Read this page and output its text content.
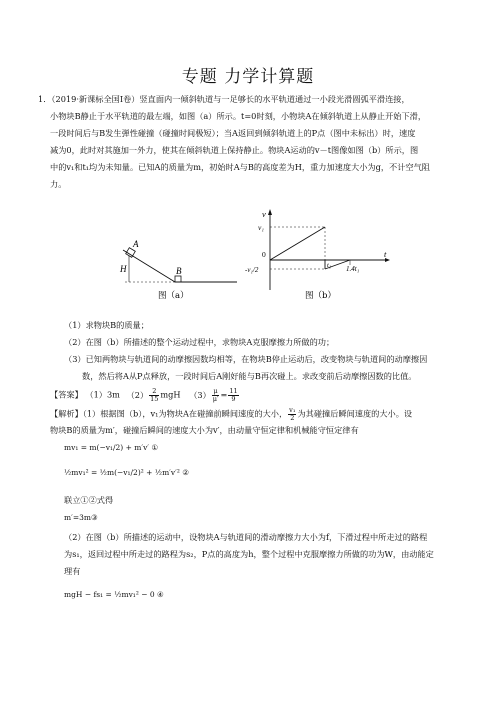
专题 力学计算题
1．（2019·新课标全国Ⅰ卷）竖直面内一倾斜轨道与一足够长的水平轨道通过一小段光滑圆弧平滑连接，
小物块B静止于水平轨道的最左端，如图（a）所示。t=0时刻，小物块A在倾斜轨道上从静止开始下滑，
一段时间后与B发生弹性碰撞（碰撞时间极短）；当A返回到倾斜轨道上的P点（图中未标出）时，速度
减为0，此时对其施加一外力，使其在倾斜轨道上保持静止。物块A运动的v－t图像如图（b）所示，图
中的v₁和t₁均为未知量。已知A的质量为m，初始时A与B的高度差为H，重力加速度大小为g，不计空气阻
力。
A
H	B
图（a）
v
v₁
0	t
-v₁/2
t₁ 1.4t₁
图（b）
（1）求物块B的质量；
（2）在图（b）所描述的整个运动过程中，求物块A克服摩擦力所做的功；
（3）已知两物块与轨道间的动摩擦因数均相等，在物块B停止运动后，改变物块与轨道间的动摩擦因
数，然后将A从P点释放，一段时间后A刚好能与B再次碰上。求改变前后动摩擦因数的比值。
【答案】 （1）3m $(2) \frac{2}{15}$ mgH $(3) \frac{\mu}{\mu'} = \frac{11}{9}$
【解析】（1）根据图（b），v₁为物块A在碰撞前瞬间速度的大小， $\frac{\text{v₁}}{2}$ 为其碰撞后瞬间速度的大小。设
物块B的质量为m′，碰撞后瞬间的速度大小为v′，由动量守恒定律和机械能守恒定律有
mv₁ = m(−v₁/2) + m′v′ ①
½mv₁² = ½m(−v₁/2)² + ½m′v′² ②
联立①②式得
m′=3m③
（2）在图（b）所描述的运动中，设物块A与轨道间的滑动摩擦力大小为f，下滑过程中所走过的路程
为s₁，返回过程中所走过的路程为s₂，P点的高度为h，整个过程中克服摩擦力所做的功为W，由动能定
理有
mgH − fs₁ = ½mv₁² − 0 ④
